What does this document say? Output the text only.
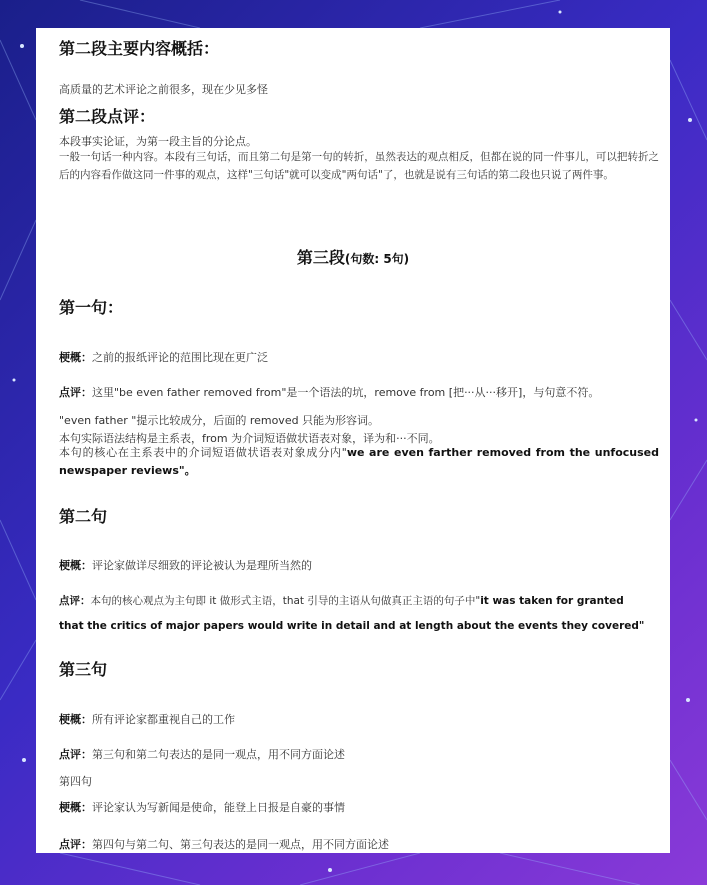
第二段主要内容概括：
高质量的艺术评论之前很多，现在少见多怪
第二段点评：
本段事实论证，为第一段主旨的分论点。
一般一句话一种内容。本段有三句话，而且第二句是第一句的转折，虽然表达的观点相反，但都在说的同一件事儿，可以把转折之后的内容看作做这同一件事的观点，这样"三句话"就可以变成"两句话"了，也就是说有三句话的第二段也只说了两件事。
第三段(句数: 5句)
第一句：
梗概：之前的报纸评论的范围比现在更广泛
点评：这里"be even father removed from"是一个语法的坑，remove from [把···从···移开]，与句意不符。
"even father "提示比较成分，后面的 removed 只能为形容词。
本句实际语法结构是主系表，from 为介词短语做状语表对象，译为和···不同。
本句的核心在主系表中的介词短语做状语表对象成分内"we are even farther removed from the unfocused newspaper reviews"。
第二句
梗概：评论家做详尽细致的评论被认为是理所当然的
点评：本句的核心观点为主句即 it 做形式主语，that 引导的主语从句做真正主语的句子中"it was taken for granted
that the critics of major papers would write in detail and at length about the events they covered"
第三句
梗概：所有评论家都重视自己的工作
点评：第三句和第二句表达的是同一观点，用不同方面论述
第四句
梗概：评论家认为写新闻是使命，能登上日报是自豪的事情
点评：第四句与第二句、第三句表达的是同一观点，用不同方面论述
